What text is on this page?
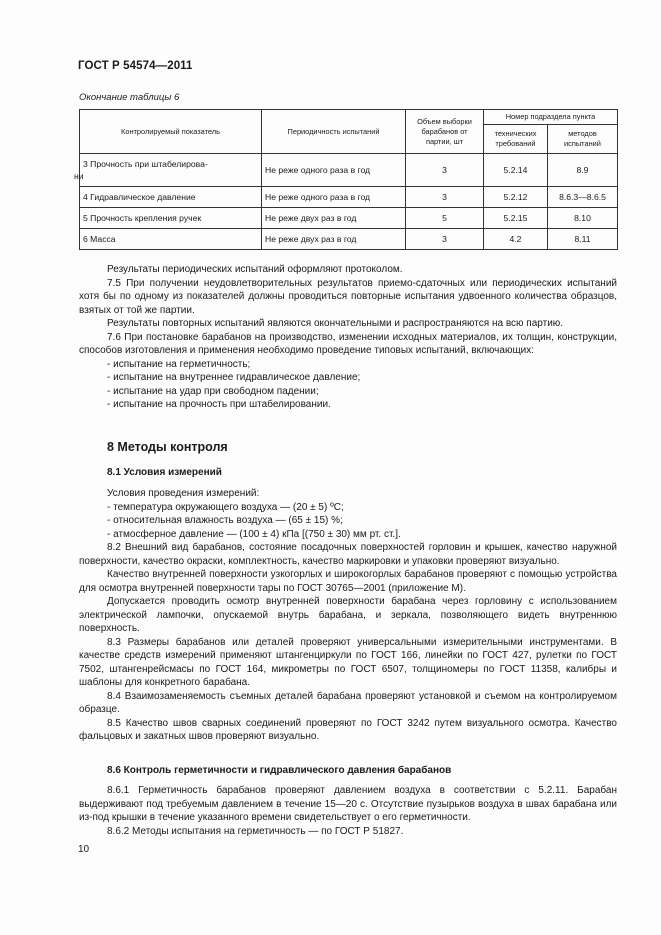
ГОСТ Р 54574—2011
Окончание таблицы 6
Контролируемый показатель	Периодичность испытаний	Объем выборки барабанов от партии, шт	Номер подраздела пункта	
			технических требований	методов испытаний

3 Прочность при штабелирова-
ни	Не реже одного раза в год	3	5.2.14	8.9
4 Гидравлическое давление	Не реже одного раза в год	3	5.2.12	8.6.3—8.6.5
5 Прочность крепления ручек	Не реже двух раз в год	5	5.2.15	8.10
6 Масса	Не реже двух раз в год	3	4.2	8.11

Результаты периодических испытаний оформляют протоколом.

7.5 При получении неудовлетворительных результатов приемо-сдаточных или периодических испытаний хотя бы по одному из показателей должны проводиться повторные испытания удвоенного количества образцов, взятых от той же партии.

Результаты повторных испытаний являются окончательными и распространяются на всю партию.

7.6 При постановке барабанов на производство, изменении исходных материалов, их толщин, конструкции, способов изготовления и применения необходимо проведение типовых испытаний, включающих:

- испытание на герметичность;

- испытание на внутреннее гидравлическое давление;

- испытание на удар при свободном падении;

- испытание на прочность при штабелировании.

8 Методы контроля
8.1 Условия измерений

Условия проведения измерений:

- температура окружающего воздуха — (20 ± 5) ºС;

- относительная влажность воздуха — (65 ± 15) %;

- атмосферное давление — (100 ± 4) кПа [(750 ± 30) мм рт. ст.].

8.2 Внешний вид барабанов, состояние посадочных поверхностей горловин и крышек, качество наружной поверхности, качество окраски, комплектность, качество маркировки и упаковки проверяют визуально.

Качество внутренней поверхности узкогорлых и широкогорлых барабанов проверяют с помощью устройства для осмотра внутренней поверхности тары по ГОСТ 30765—2001 (приложение М).

Допускается проводить осмотр внутренней поверхности барабана через горловину с использованием электрической лампочки, опускаемой внутрь барабана, и зеркала, позволяющего видеть внутреннюю поверхность.

8.3 Размеры барабанов или деталей проверяют универсальными измерительными инструментами. В качестве средств измерений применяют штангенциркули по ГОСТ 166, линейки по ГОСТ 427, рулетки по ГОСТ 7502, штангенрейсмасы по ГОСТ 164, микрометры по ГОСТ 6507, толщиномеры по ГОСТ 11358, калибры и шаблоны для конкретного барабана.

8.4 Взаимозаменяемость съемных деталей барабана проверяют установкой и съемом на контролируемом образце.

8.5 Качество швов сварных соединений проверяют по ГОСТ 3242 путем визуального осмотра. Качество фальцовых и закатных швов проверяют визуально.

8.6 Контроль герметичности и гидравлического давления барабанов

8.6.1 Герметичность барабанов проверяют давлением воздуха в соответствии с 5.2.11. Барабан выдерживают под требуемым давлением в течение 15—20 с. Отсутствие пузырьков воздуха в швах барабана или из-под крышки в течение указанного времени свидетельствует о его герметичности.

8.6.2 Методы испытания на герметичность — по ГОСТ Р 51827.

10
